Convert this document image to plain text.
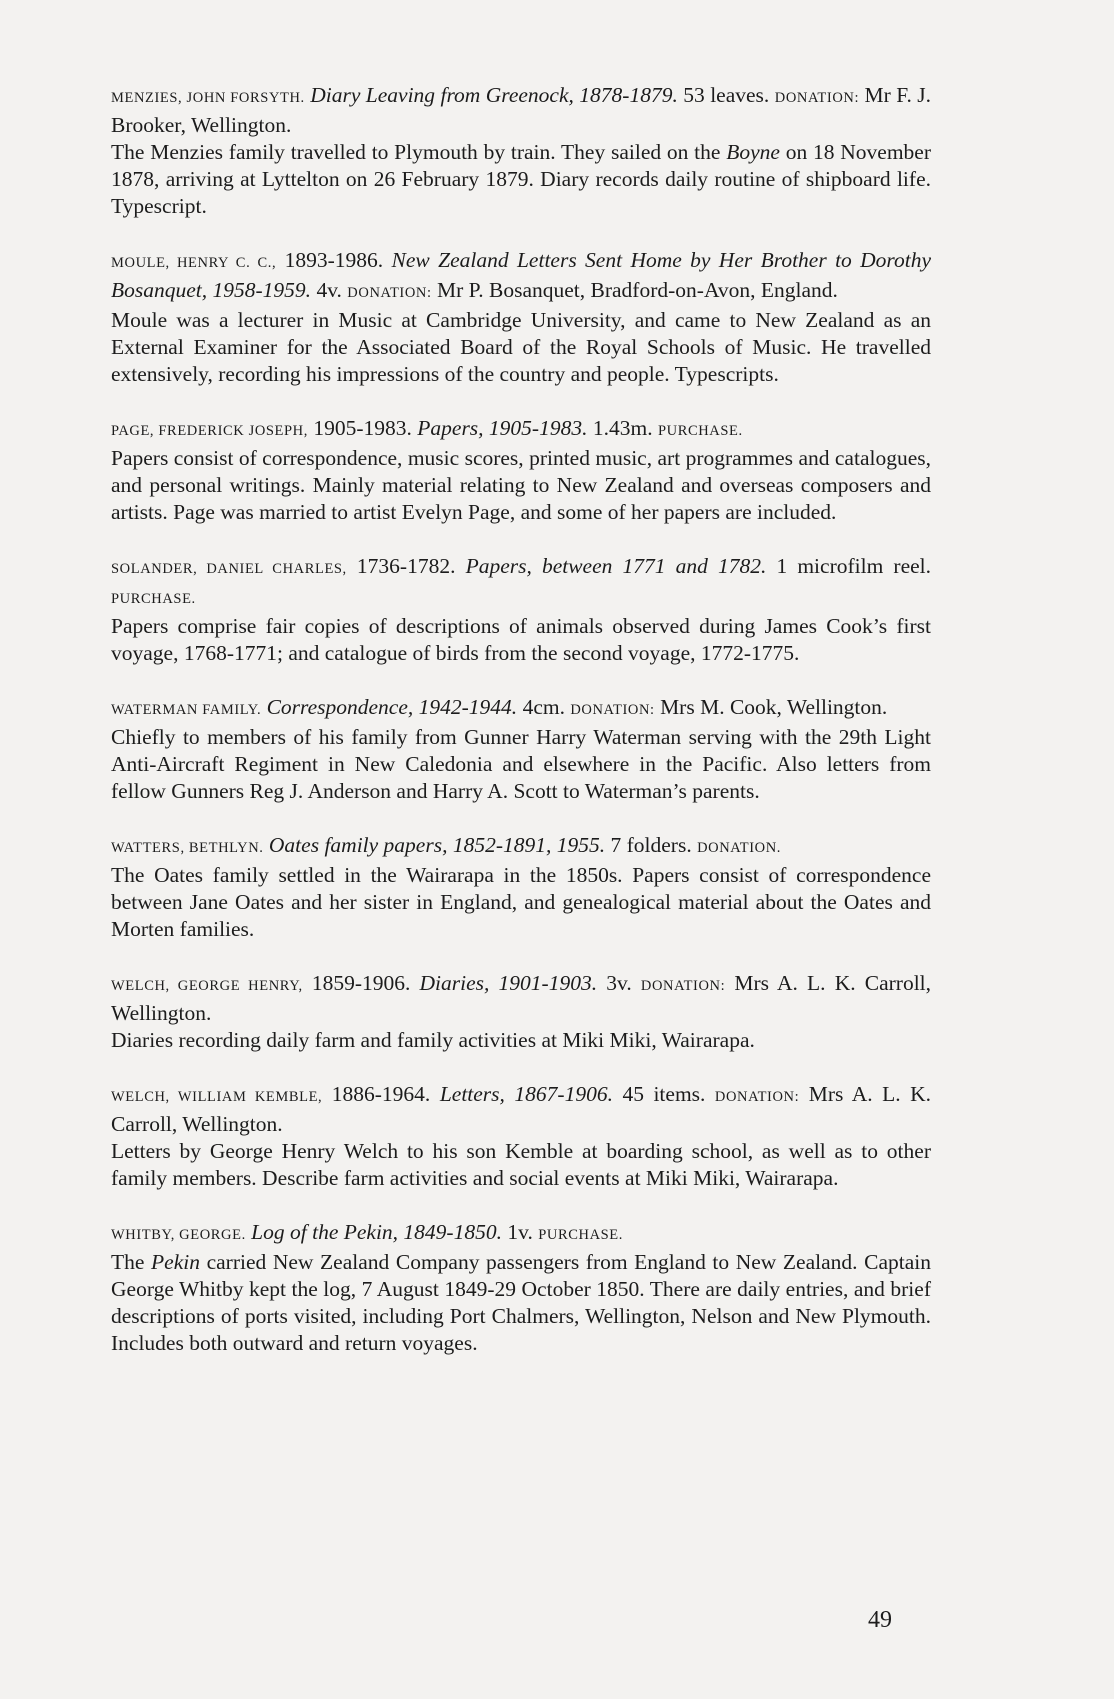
MENZIES, JOHN FORSYTH. Diary Leaving from Greenock, 1878-1879. 53 leaves. DONATION: Mr F. J. Brooker, Wellington.

The Menzies family travelled to Plymouth by train. They sailed on the Boyne on 18 November 1878, arriving at Lyttelton on 26 February 1879. Diary records daily routine of shipboard life. Typescript.

MOULE, HENRY C. C., 1893-1986. New Zealand Letters Sent Home by Her Brother to Dorothy Bosanquet, 1958-1959. 4v. DONATION: Mr P. Bosanquet, Bradford-on-Avon, England.

Moule was a lecturer in Music at Cambridge University, and came to New Zealand as an External Examiner for the Associated Board of the Royal Schools of Music. He travelled extensively, recording his impressions of the country and people. Typescripts.

PAGE, FREDERICK JOSEPH, 1905-1983. Papers, 1905-1983. 1.43m. PURCHASE.

Papers consist of correspondence, music scores, printed music, art programmes and catalogues, and personal writings. Mainly material relating to New Zealand and overseas composers and artists. Page was married to artist Evelyn Page, and some of her papers are included.

SOLANDER, DANIEL CHARLES, 1736-1782. Papers, between 1771 and 1782. 1 microfilm reel. PURCHASE.

Papers comprise fair copies of descriptions of animals observed during James Cook’s first voyage, 1768-1771; and catalogue of birds from the second voyage, 1772-1775.

WATERMAN FAMILY. Correspondence, 1942-1944. 4cm. DONATION: Mrs M. Cook, Wellington.

Chiefly to members of his family from Gunner Harry Waterman serving with the 29th Light Anti-Aircraft Regiment in New Caledonia and elsewhere in the Pacific. Also letters from fellow Gunners Reg J. Anderson and Harry A. Scott to Waterman’s parents.

WATTERS, BETHLYN. Oates family papers, 1852-1891, 1955. 7 folders. DONATION.

The Oates family settled in the Wairarapa in the 1850s. Papers consist of correspondence between Jane Oates and her sister in England, and genealogical material about the Oates and Morten families.

WELCH, GEORGE HENRY, 1859-1906. Diaries, 1901-1903. 3v. DONATION: Mrs A. L. K. Carroll, Wellington.

Diaries recording daily farm and family activities at Miki Miki, Wairarapa.

WELCH, WILLIAM KEMBLE, 1886-1964. Letters, 1867-1906. 45 items. DONATION: Mrs A. L. K. Carroll, Wellington.

Letters by George Henry Welch to his son Kemble at boarding school, as well as to other family members. Describe farm activities and social events at Miki Miki, Wairarapa.

WHITBY, GEORGE. Log of the Pekin, 1849-1850. 1v. PURCHASE.

The Pekin carried New Zealand Company passengers from England to New Zealand. Captain George Whitby kept the log, 7 August 1849-29 October 1850. There are daily entries, and brief descriptions of ports visited, including Port Chalmers, Wellington, Nelson and New Plymouth. Includes both outward and return voyages.

49
